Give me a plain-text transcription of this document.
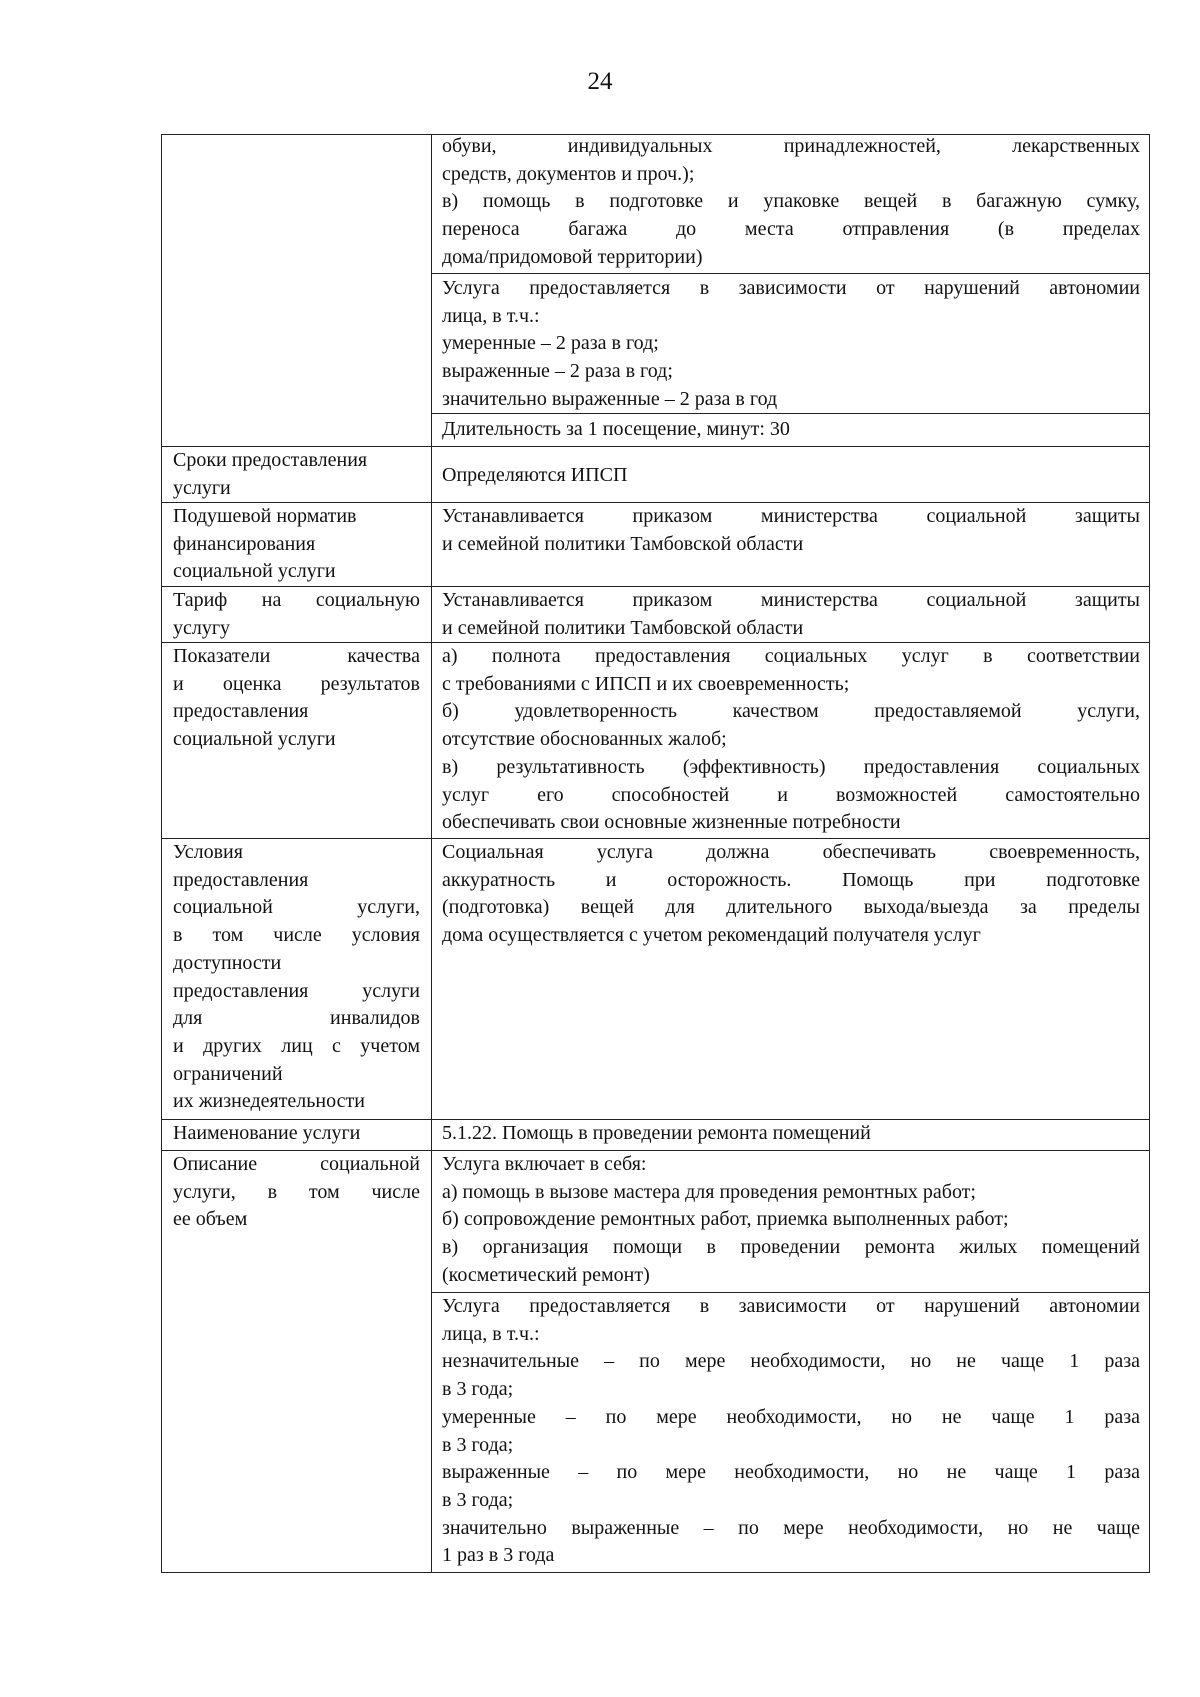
24
обуви, индивидуальных принадлежностей, лекарственных
средств, документов и проч.);
в) помощь в подготовке и упаковке вещей в багажную сумку,
переноса багажа до места отправления (в пределах
дома/придомовой территории)
Услуга предоставляется в зависимости от нарушений автономии
лица, в т.ч.:
умеренные – 2 раза в год;
выраженные – 2 раза в год;
значительно выраженные – 2 раза в год
Длительность за 1 посещение, минут: 30
Сроки предоставления
услуги
Определяются ИПСП
Подушевой норматив
финансирования
социальной услуги
Устанавливается приказом министерства социальной защиты
и семейной политики Тамбовской области
Тариф на социальную
услугу
Устанавливается приказом министерства социальной защиты
и семейной политики Тамбовской области
Показатели качества
и оценка результатов
предоставления
социальной услуги
а) полнота предоставления социальных услуг в соответствии
с требованиями с ИПСП и их своевременность;
б) удовлетворенность качеством предоставляемой услуги,
отсутствие обоснованных жалоб;
в) результативность (эффективность) предоставления социальных
услуг его способностей и возможностей самостоятельно
обеспечивать свои основные жизненные потребности
Условия
предоставления
социальной услуги,
в том числе условия
доступности
предоставления услуги
для инвалидов
и других лиц с учетом
ограничений
их жизнедеятельности
Социальная услуга должна обеспечивать своевременность,
аккуратность и осторожность. Помощь при подготовке
(подготовка) вещей для длительного выхода/выезда за пределы
дома осуществляется с учетом рекомендаций получателя услуг
Наименование услуги	5.1.22. Помощь в проведении ремонта помещений
Описание социальной
услуги, в том числе
ее объем
Услуга включает в себя:
а) помощь в вызове мастера для проведения ремонтных работ;
б) сопровождение ремонтных работ, приемка выполненных работ;
в) организация помощи в проведении ремонта жилых помещений
(косметический ремонт)
Услуга предоставляется в зависимости от нарушений автономии
лица, в т.ч.:
незначительные – по мере необходимости, но не чаще 1 раза
в 3 года;
умеренные – по мере необходимости, но не чаще 1 раза
в 3 года;
выраженные – по мере необходимости, но не чаще 1 раза
в 3 года;
значительно выраженные – по мере необходимости, но не чаще
1 раз в 3 года
